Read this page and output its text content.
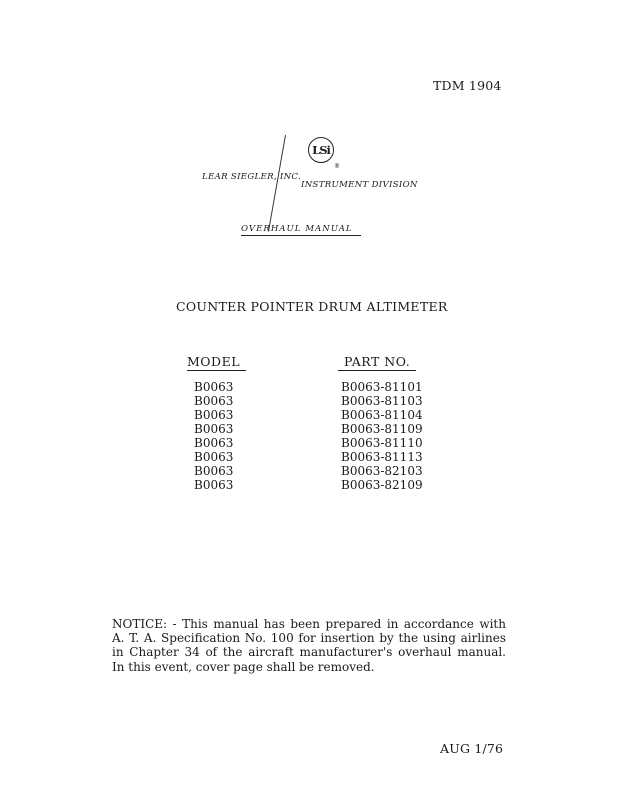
TDM 1904
LSi
®
LEAR SIEGLER, INC.
INSTRUMENT DIVISION
OVERHAUL MANUAL
COUNTER POINTER DRUM ALTIMETER
MODEL	PART NO.
B0063
B0063
B0063
B0063
B0063
B0063
B0063
B0063
B0063-81101
B0063-81103
B0063-81104
B0063-81109
B0063-81110
B0063-81113
B0063-82103
B0063-82109

NOTICE: - This manual has been prepared in accordance with

A. T. A. Specification No. 100 for insertion by the using airlines

in Chapter 34 of the aircraft manufacturer's overhaul manual.

In this event, cover page shall be removed.

AUG 1/76
